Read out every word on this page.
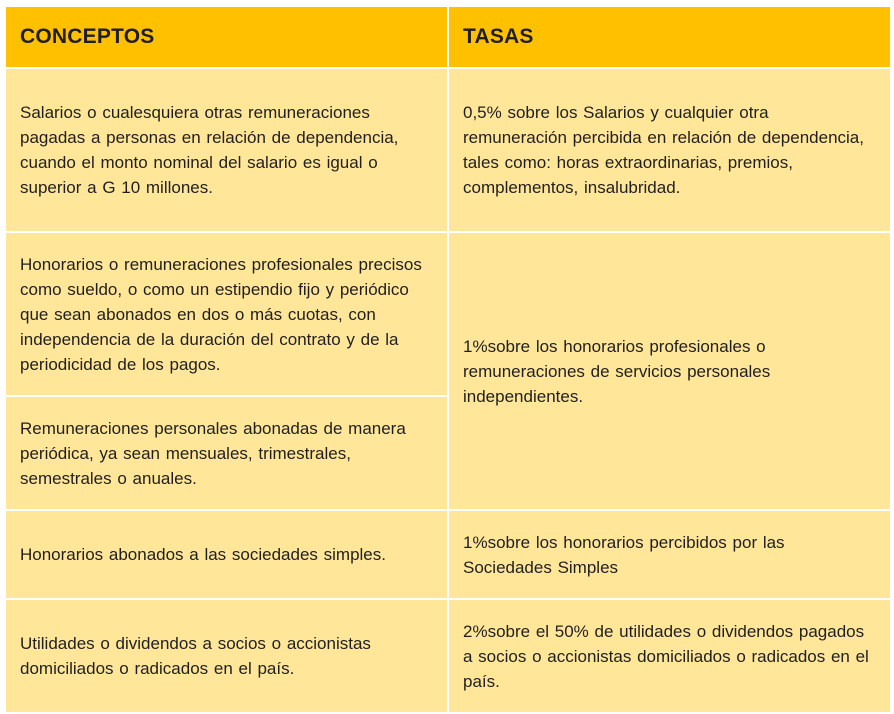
CONCEPTOS	TASAS
Salarios o cualesquiera otras remuneraciones pagadas a personas en relación de dependencia, cuando el monto nominal del salario es igual o superior a G 10 millones.	0,5% sobre los Salarios y cualquier otra remuneración percibida en relación de dependencia, tales como: horas extraordinarias, premios, complementos, insalubridad.
Honorarios o remuneraciones profesionales precisos como sueldo, o como un estipendio fijo y periódico que sean abonados en dos o más cuotas, con independencia de la duración del contrato y de la periodicidad de los pagos.	1%sobre los honorarios profesionales o remuneraciones de servicios personales independientes.
Remuneraciones personales abonadas de manera periódica, ya sean mensuales, trimestrales, semestrales o anuales.	
Honorarios abonados a las sociedades simples.	1%sobre los honorarios percibidos por las Sociedades Simples
Utilidades o dividendos a socios o accionistas domiciliados o radicados en el país.	2%sobre el 50% de utilidades o dividendos pagados a socios o accionistas domiciliados o radicados en el país.
